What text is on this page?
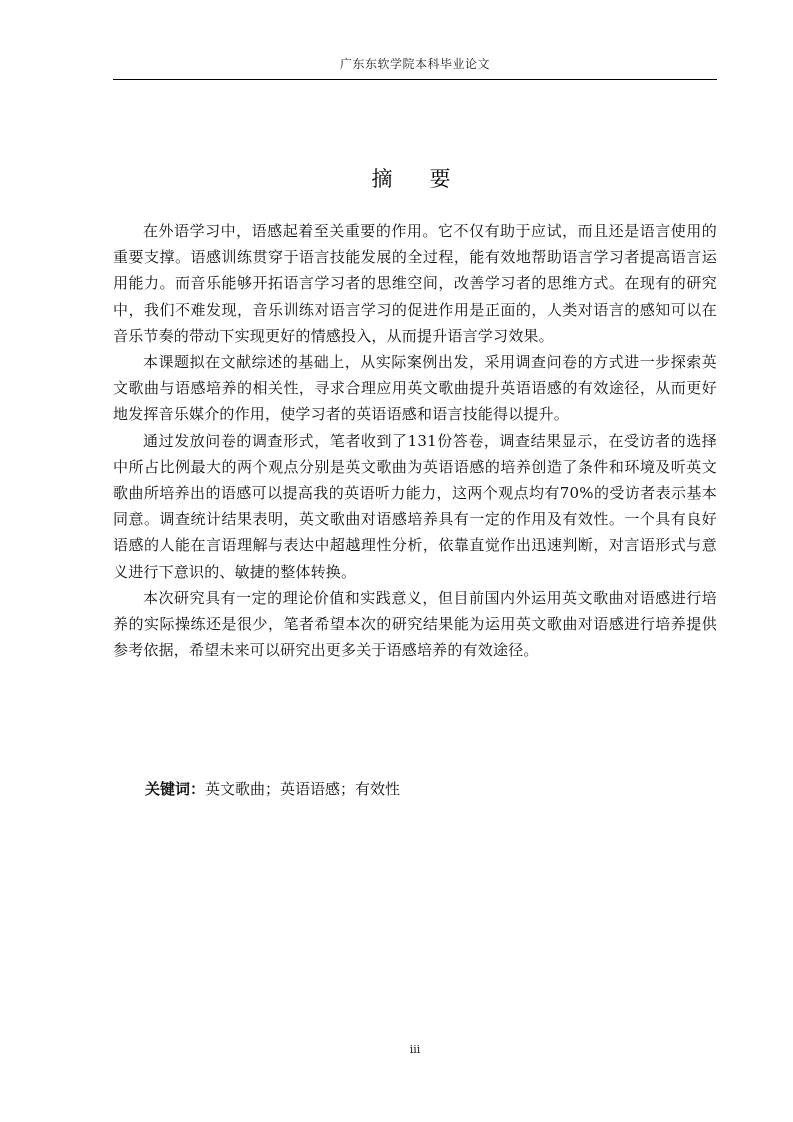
广东东软学院本科毕业论文
摘　要

在外语学习中，语感起着至关重要的作用。它不仅有助于应试，而且还是语言使用的重要支撑。语感训练贯穿于语言技能发展的全过程，能有效地帮助语言学习者提高语言运用能力。而音乐能够开拓语言学习者的思维空间，改善学习者的思维方式。在现有的研究中，我们不难发现，音乐训练对语言学习的促进作用是正面的，人类对语言的感知可以在音乐节奏的带动下实现更好的情感投入，从而提升语言学习效果。

本课题拟在文献综述的基础上，从实际案例出发，采用调查问卷的方式进一步探索英文歌曲与语感培养的相关性，寻求合理应用英文歌曲提升英语语感的有效途径，从而更好地发挥音乐媒介的作用，使学习者的英语语感和语言技能得以提升。

通过发放问卷的调查形式，笔者收到了131份答卷，调查结果显示，在受访者的选择中所占比例最大的两个观点分别是英文歌曲为英语语感的培养创造了条件和环境及听英文歌曲所培养出的语感可以提高我的英语听力能力，这两个观点均有70%的受访者表示基本同意。调查统计结果表明，英文歌曲对语感培养具有一定的作用及有效性。一个具有良好语感的人能在言语理解与表达中超越理性分析，依靠直觉作出迅速判断，对言语形式与意义进行下意识的、敏捷的整体转换。

本次研究具有一定的理论价值和实践意义，但目前国内外运用英文歌曲对语感进行培养的实际操练还是很少，笔者希望本次的研究结果能为运用英文歌曲对语感进行培养提供参考依据，希望未来可以研究出更多关于语感培养的有效途径。

关键词：英文歌曲；英语语感；有效性
iii
